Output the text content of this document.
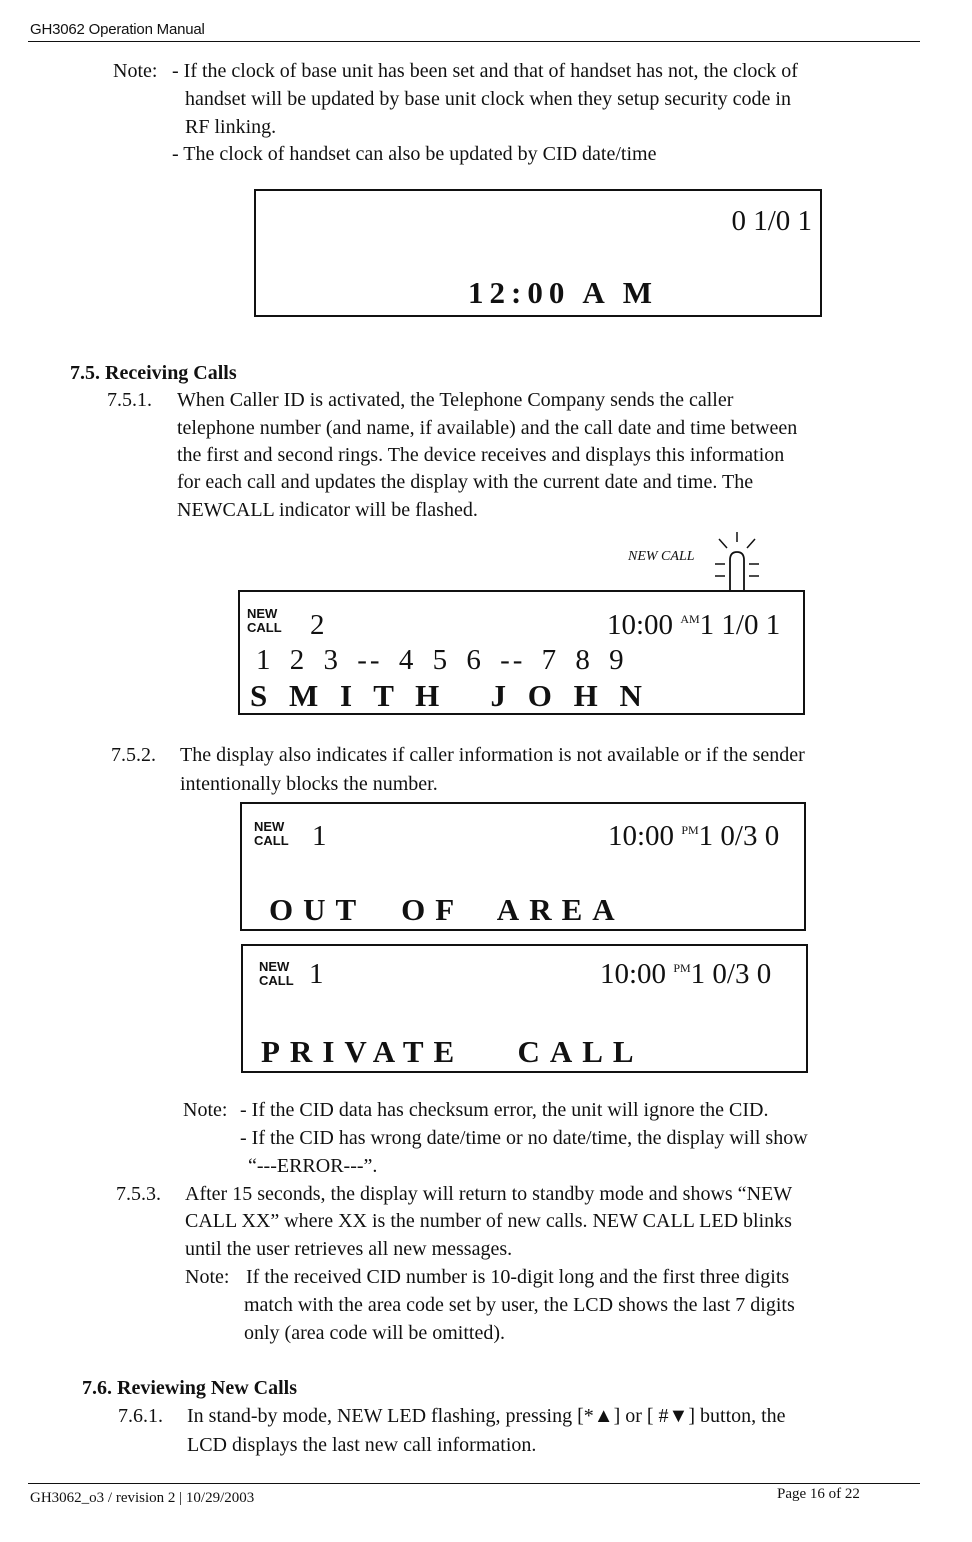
GH3062 Operation Manual
Note: - If the clock of base unit has been set and that of handset has not, the clock of
handset will be updated by base unit clock when they setup security code in
RF linking.
- The clock of handset can also be updated by CID date/time
0 1/0 1
12:00 A M
7.5. Receiving Calls
7.5.1. When Caller ID is activated, the Telephone Company sends the caller
telephone number (and name, if available) and the call date and time between
the first and second rings. The device receives and displays this information
for each call and updates the display with the current date and time. The
NEWCALL indicator will be flashed.
NEW CALL
NEW
CALL 2	10:00 $^{AM}$1 1/0 1
1 2 3 -- 4 5 6 -- 7 8 9
S M I T H   J O H N
7.5.2. The display also indicates if caller information is not available or if the sender
intentionally blocks the number.
NEW
CALL 1	10:00 $^{PM}$1 0/3 0
OUT  OF  AREA
NEW
CALL 1	10:00 $^{PM}$1 0/3 0
PRIVATE   CALL
Note: - If the CID data has checksum error, the unit will ignore the CID.
- If the CID has wrong date/time or no date/time, the display will show
“---ERROR---”.
7.5.3. After 15 seconds, the display will return to standby mode and shows “NEW
CALL XX” where XX is the number of new calls. NEW CALL LED blinks
until the user retrieves all new messages.
Note: If the received CID number is 10-digit long and the first three digits
match with the area code set by user, the LCD shows the last 7 digits
only (area code will be omitted).
7.6. Reviewing New Calls
7.6.1. In stand-by mode, NEW LED flashing, pressing [*▲] or [ #▼] button, the
LCD displays the last new call information.
GH3062_o3 / revision 2 | 10/29/2003	Page 16 of 22
